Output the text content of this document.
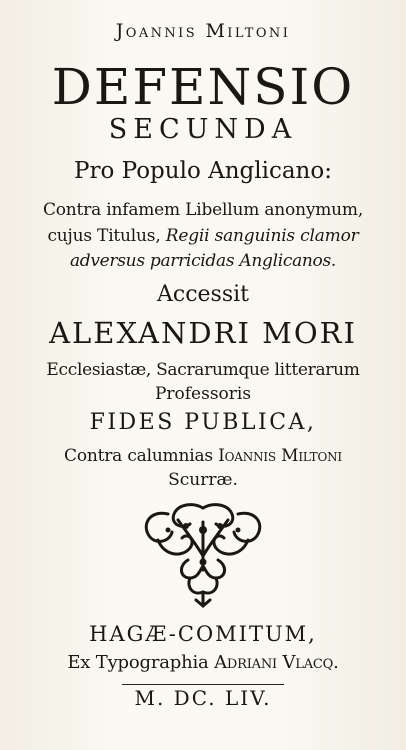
Joannis Miltoni
DEFENSIO
SECUNDA
Pro Populo Anglicano:
Contra infamem Libellum anonymum,
cujus Titulus, Regii sanguinis clamor
adversus parricidas Anglicanos.
Accessit
ALEXANDRI MORI
Ecclesiastæ, Sacrarumque litterarum
Professoris
FIDES PUBLICA,
Contra calumnias Ioannis Miltoni
Scurræ.
HAGÆ-COMITUM,
Ex Typographia Adriani Vlacq.
M. DC. LIV.
